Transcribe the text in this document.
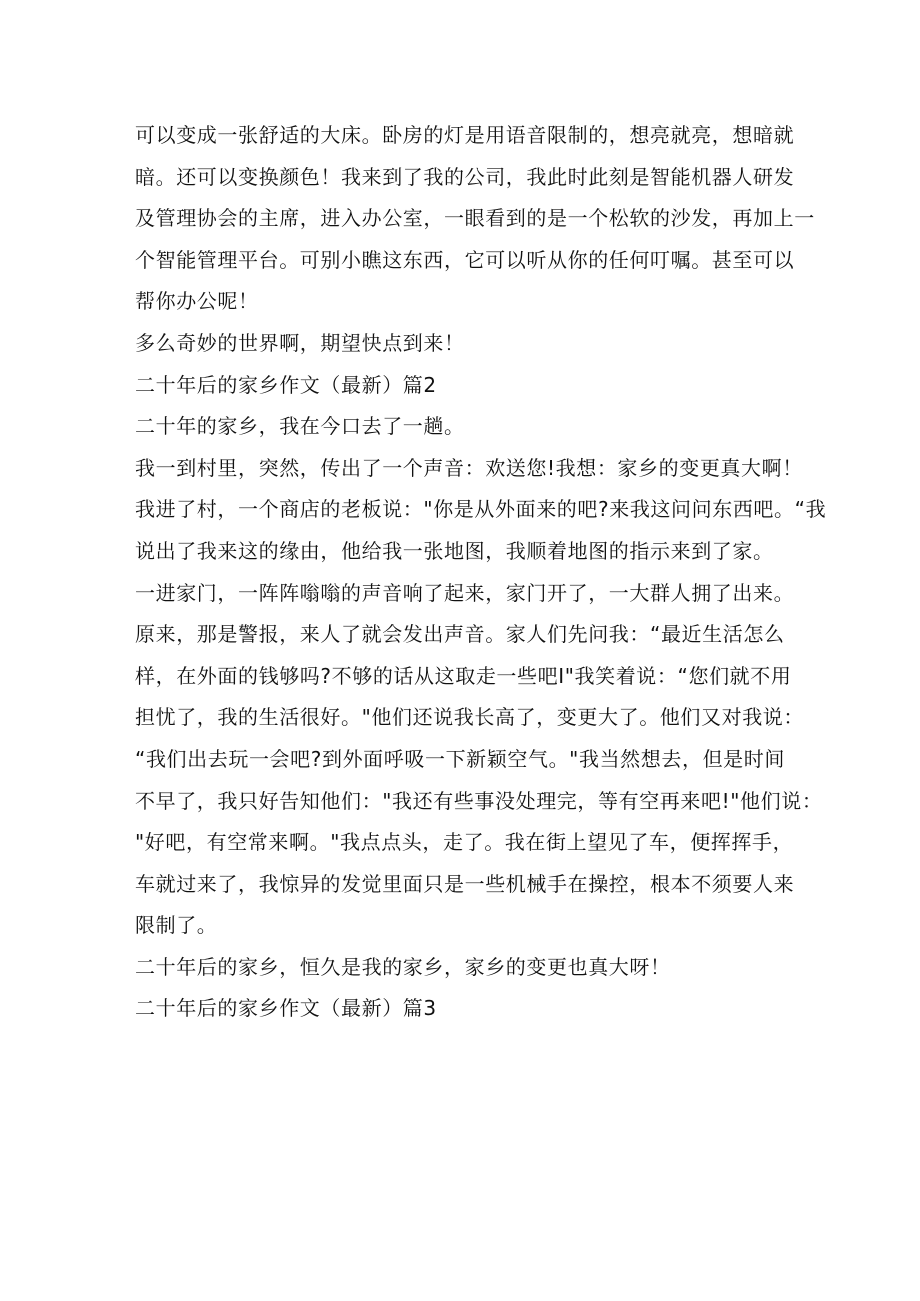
可以变成一张舒适的大床。卧房的灯是用语音限制的，想亮就亮，想暗就
暗。还可以变换颜色！我来到了我的公司，我此时此刻是智能机器人研发
及管理协会的主席，进入办公室，一眼看到的是一个松软的沙发，再加上一
个智能管理平台。可别小瞧这东西，它可以听从你的任何叮嘱。甚至可以
帮你办公呢！

多么奇妙的世界啊，期望快点到来！

二十年后的家乡作文（最新）篇2

二十年的家乡，我在今口去了一趟。

我一到村里，突然，传出了一个声音：欢送您!我想：家乡的变更真大啊！

我进了村，一个商店的老板说："你是从外面来的吧?来我这问问东西吧。“我
说出了我来这的缘由，他给我一张地图，我顺着地图的指示来到了家。

一进家门，一阵阵嗡嗡的声音响了起来，家门开了，一大群人拥了出来。
原来，那是警报，来人了就会发出声音。家人们先问我：“最近生活怎么
样，在外面的钱够吗?不够的话从这取走一些吧I"我笑着说：“您们就不用
担忧了，我的生活很好。"他们还说我长高了，变更大了。他们又对我说：
“我们出去玩一会吧?到外面呼吸一下新颖空气。"我当然想去，但是时间
不早了，我只好告知他们："我还有些事没处理完，等有空再来吧!"他们说：
"好吧，有空常来啊。"我点点头，走了。我在街上望见了车，便挥挥手，
车就过来了，我惊异的发觉里面只是一些机械手在操控，根本不须要人来
限制了。

二十年后的家乡，恒久是我的家乡，家乡的变更也真大呀！

二十年后的家乡作文（最新）篇3
